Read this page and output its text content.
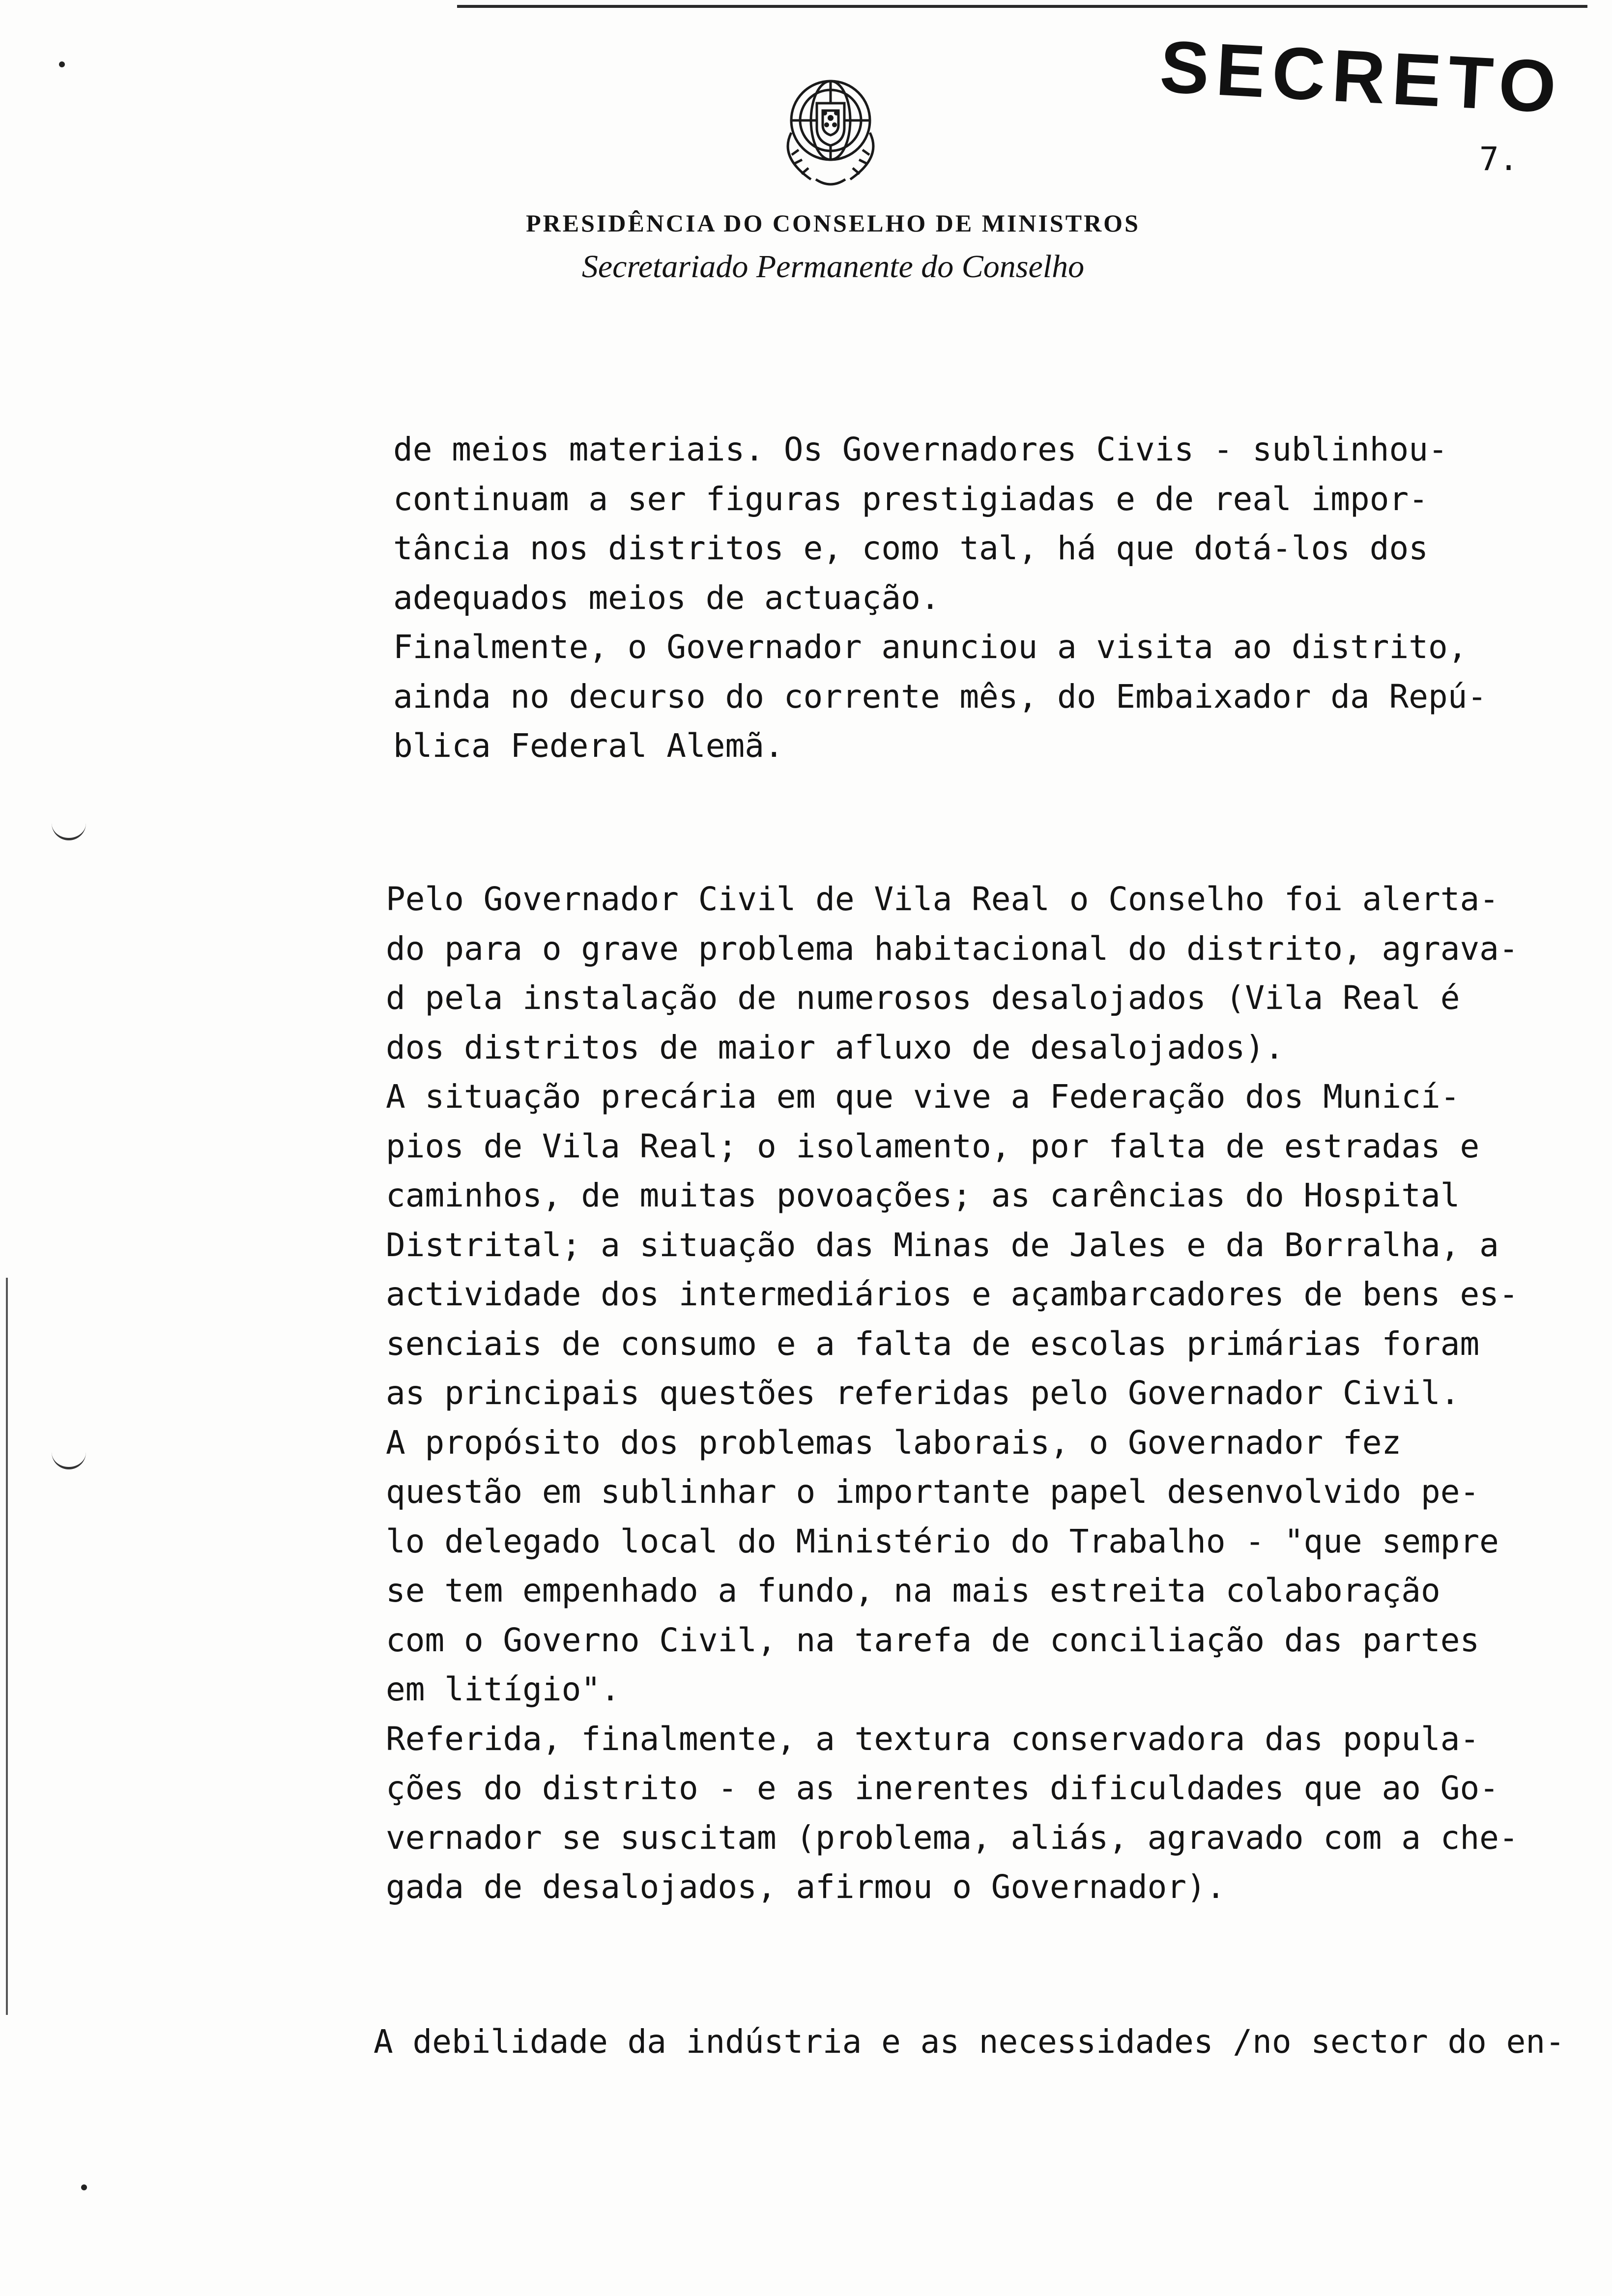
SECRETO
7.
PRESIDÊNCIA DO CONSELHO DE MINISTROS
Secretariado Permanente do Conselho
de meios materiais. Os Governadores Civis - sublinhou-
continuam a ser figuras prestigiadas e de real impor-
tância nos distritos e, como tal, há que dotá-los dos
adequados meios de actuação.
Finalmente, o Governador anunciou a visita ao distrito,
ainda no decurso do corrente mês, do Embaixador da Repú-
blica Federal Alemã.
Pelo Governador Civil de Vila Real o Conselho foi alerta-
do para o grave problema habitacional do distrito, agrava-
d pela instalação de numerosos desalojados (Vila Real é
dos distritos de maior afluxo de desalojados).
A situação precária em que vive a Federação dos Municí-
pios de Vila Real; o isolamento, por falta de estradas e
caminhos, de muitas povoações; as carências do Hospital
Distrital; a situação das Minas de Jales e da Borralha, a
actividade dos intermediários e açambarcadores de bens es-
senciais de consumo e a falta de escolas primárias foram
as principais questões referidas pelo Governador Civil.
A propósito dos problemas laborais, o Governador fez
questão em sublinhar o importante papel desenvolvido pe-
lo delegado local do Ministério do Trabalho - "que sempre
se tem empenhado a fundo, na mais estreita colaboração
com o Governo Civil, na tarefa de conciliação das partes
em litígio".
Referida, finalmente, a textura conservadora das popula-
ções do distrito - e as inerentes dificuldades que ao Go-
vernador se suscitam (problema, aliás, agravado com a che-
gada de desalojados, afirmou o Governador).
A debilidade da indústria e as necessidades /no sector do en-
